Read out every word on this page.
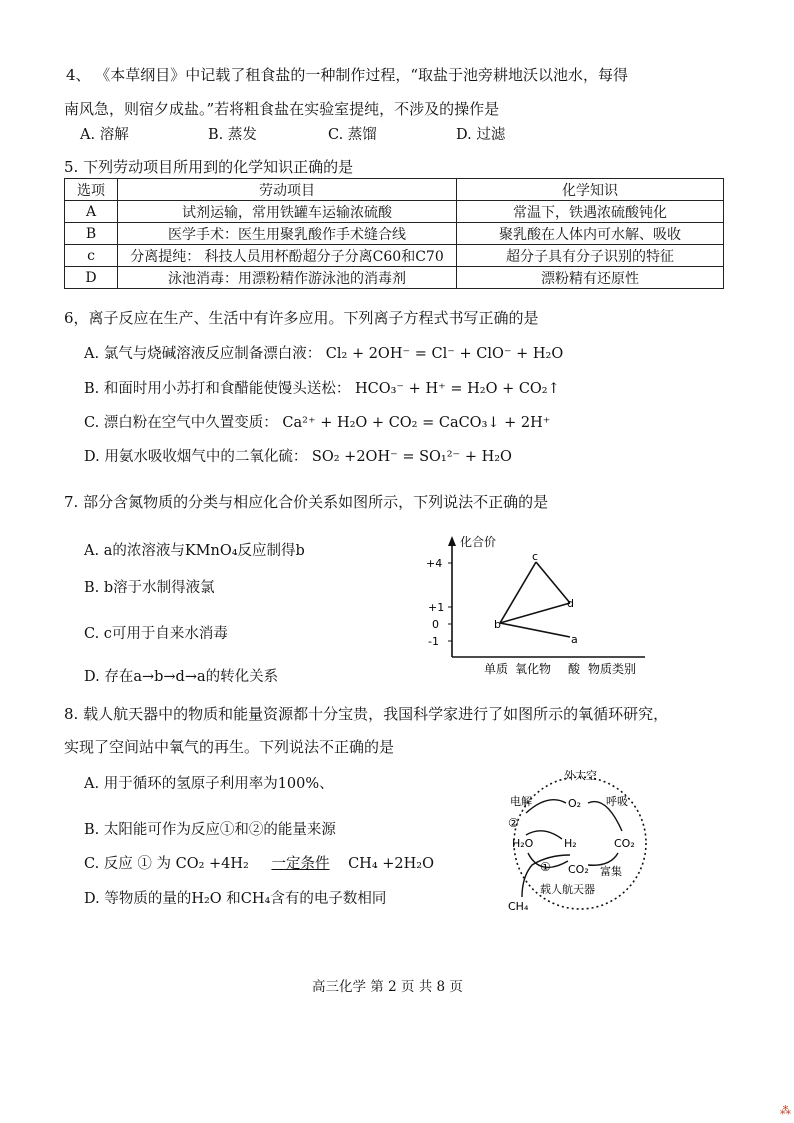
4、 《本草纲目》中记载了租食盐的一种制作过程，“取盐于池旁耕地沃以池水，每得
南风急，则宿夕成盐。”若将粗食盐在实验室提纯，不涉及的操作是
A. 溶解	B. 蒸发	C. 蒸馏	D. 过滤
5. 下列劳动项目所用到的化学知识正确的是
选项	劳动项目	化学知识
A	试剂运输，常用铁罐车运输浓硫酸	常温下，铁遇浓硫酸钝化
B	医学手术：医生用聚乳酸作手术缝合线	聚乳酸在人体内可水解、吸收
c	分离提纯： 科技人员用杯酚超分子分离C60和C70	超分子具有分子识别的特征
D	泳池消毒：用漂粉精作游泳池的消毒剂	漂粉精有还原性
6，离子反应在生产、生活中有许多应用。下列离子方程式书写正确的是
A. 氯气与烧碱溶液反应制备漂白液： Cl₂ + 2OH⁻ = Cl⁻ + ClO⁻ + H₂O
B. 和面时用小苏打和食醋能使馒头送松： HCO₃⁻ + H⁺ = H₂O + CO₂↑
C. 漂白粉在空气中久置变质： Ca²⁺ + H₂O + CO₂ = CaCO₃↓ + 2H⁺
D. 用氨水吸收烟气中的二氧化硫： SO₂ +2OH⁻ = SO₁²⁻ + H₂O
7. 部分含氮物质的分类与相应化合价关系如图所示，下列说法不正确的是
A. a的浓溶液与KMnO₄反应制得b
B. b溶于水制得液氯
C. c可用于自来水消毒
D. 存在a→b→d→a的转化关系
化合价
+4
+1
0
-1
c
b
d
a
单质 氧化物 酸 物质类别
8. 载人航天器中的物质和能量资源都十分宝贵，我国科学家进行了如图所示的氧循环研究，
实现了空间站中氧气的再生。下列说法不正确的是
A. 用于循环的氢原子利用率为100%、
B. 太阳能可作为反应①和②的能量来源
C. 反应 ① 为 CO₂ +4H₂ 一定条件 CH₄ +2H₂O
D. 等物质的量的H₂O 和CH₄含有的电子数相同
外太空
电解	呼吸
O₂
②
H₂O	H₂	CO₂
① CO₂ 富集
载人航天器
CH₄
高三化学 第 2 页 共 8 页
⁂
